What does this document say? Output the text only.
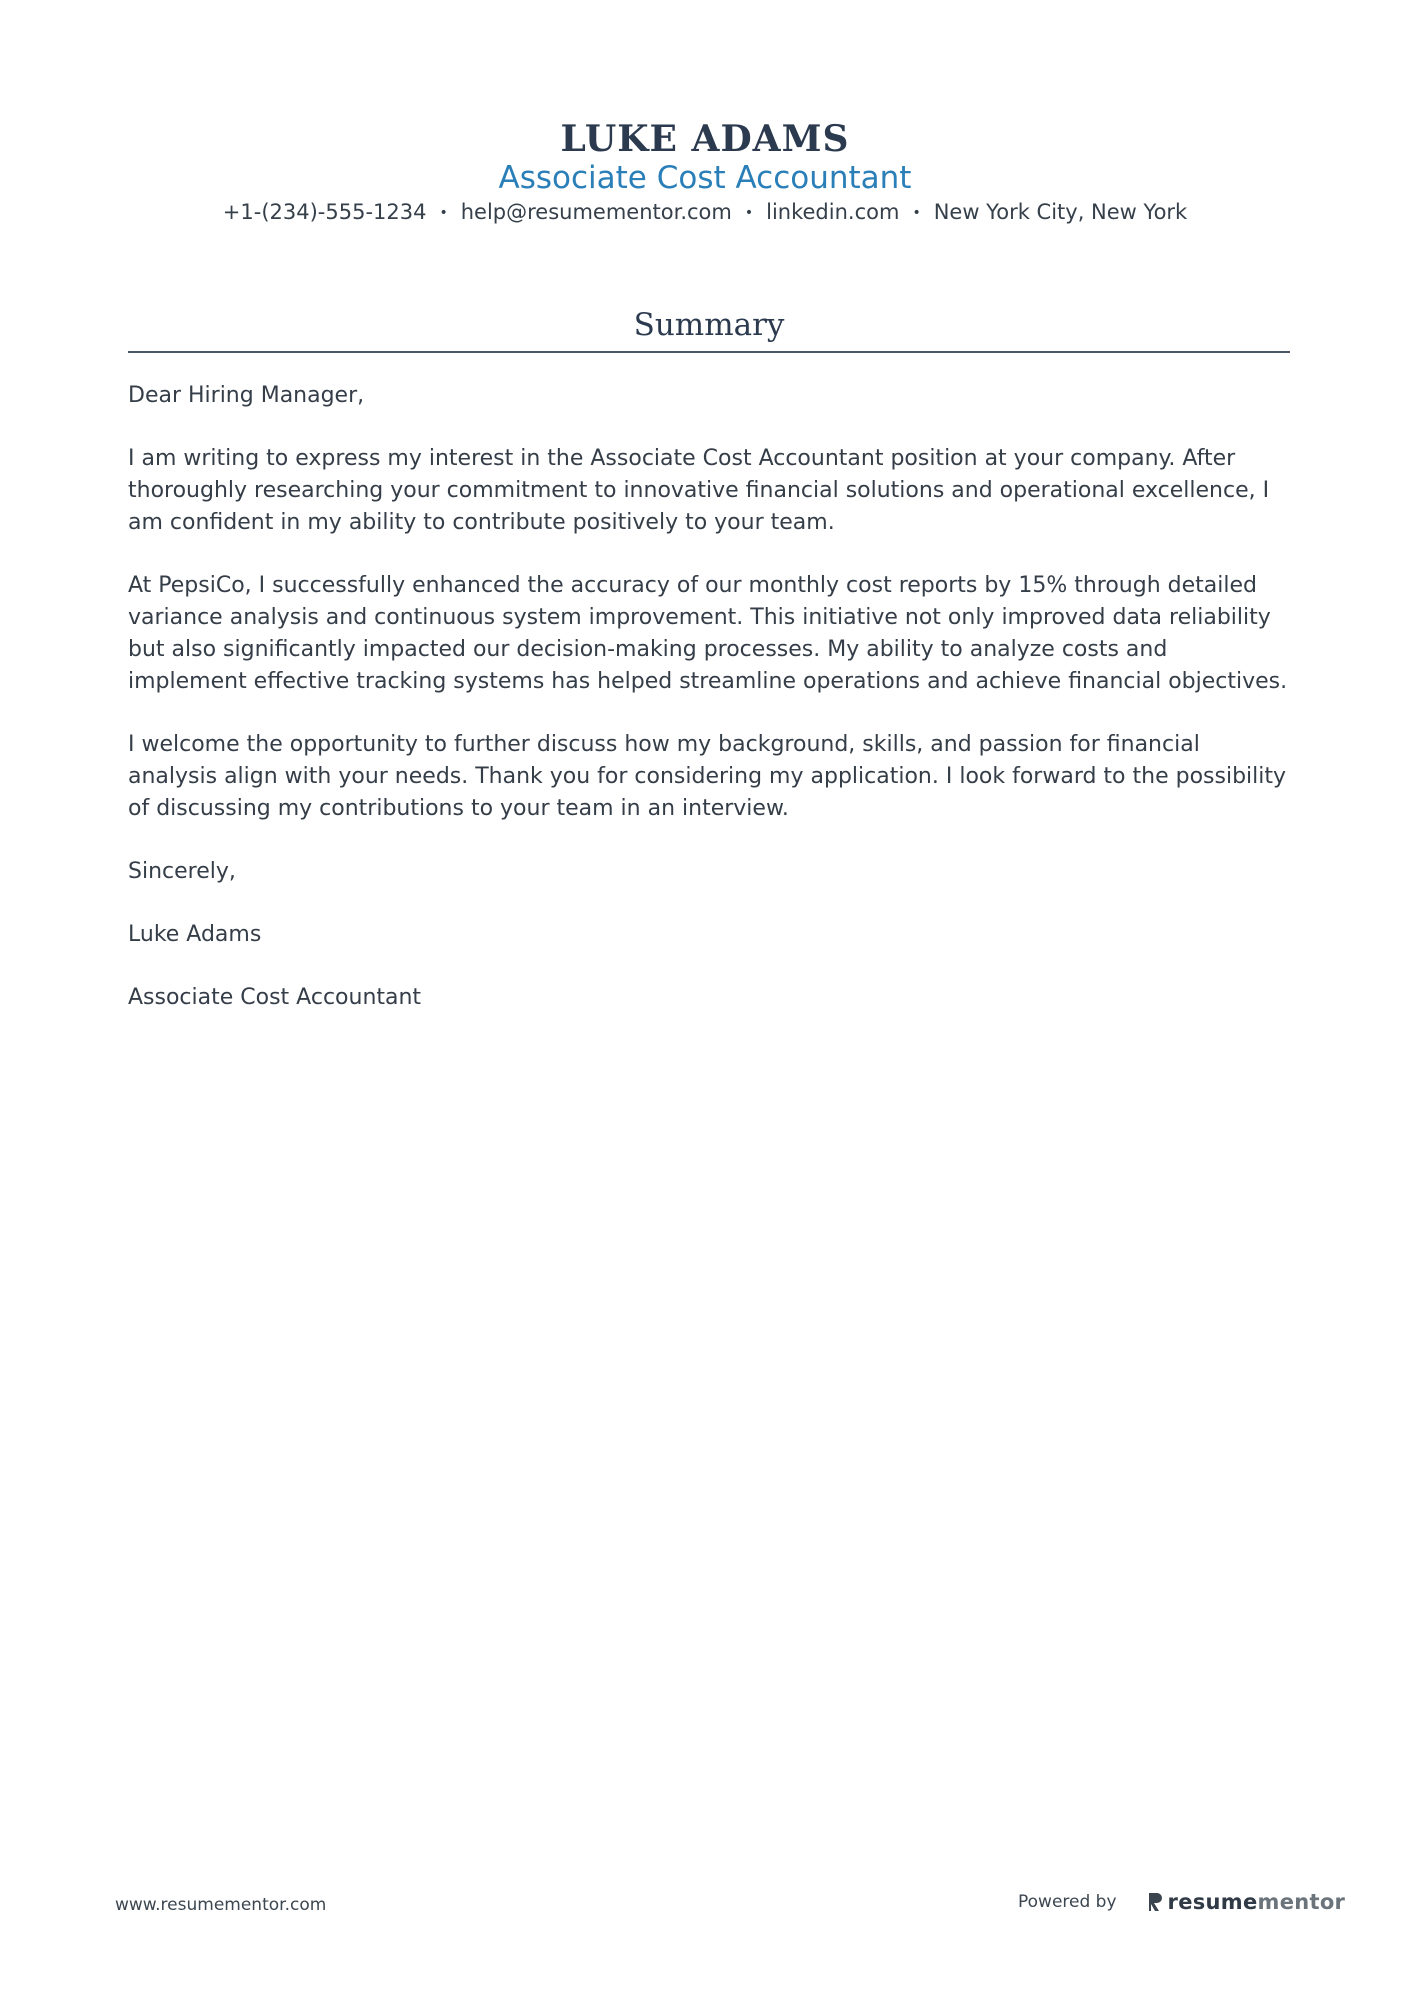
LUKE ADAMS
Associate Cost Accountant
+1-(234)-555-1234 • help@resumementor.com • linkedin.com • New York City, New York
Summary

Dear Hiring Manager,

I am writing to express my interest in the Associate Cost Accountant position at your company. After thoroughly researching your commitment to innovative financial solutions and operational excellence, I am confident in my ability to contribute positively to your team.

At PepsiCo, I successfully enhanced the accuracy of our monthly cost reports by 15% through detailed variance analysis and continuous system improvement. This initiative not only improved data reliability but also significantly impacted our decision-making processes. My ability to analyze costs and implement effective tracking systems has helped streamline operations and achieve financial objectives.

I welcome the opportunity to further discuss how my background, skills, and passion for financial analysis align with your needs. Thank you for considering my application. I look forward to the possibility of discussing my contributions to your team in an interview.

Sincerely,

Luke Adams

Associate Cost Accountant

www.resumementor.com	Powered by resume mentor
